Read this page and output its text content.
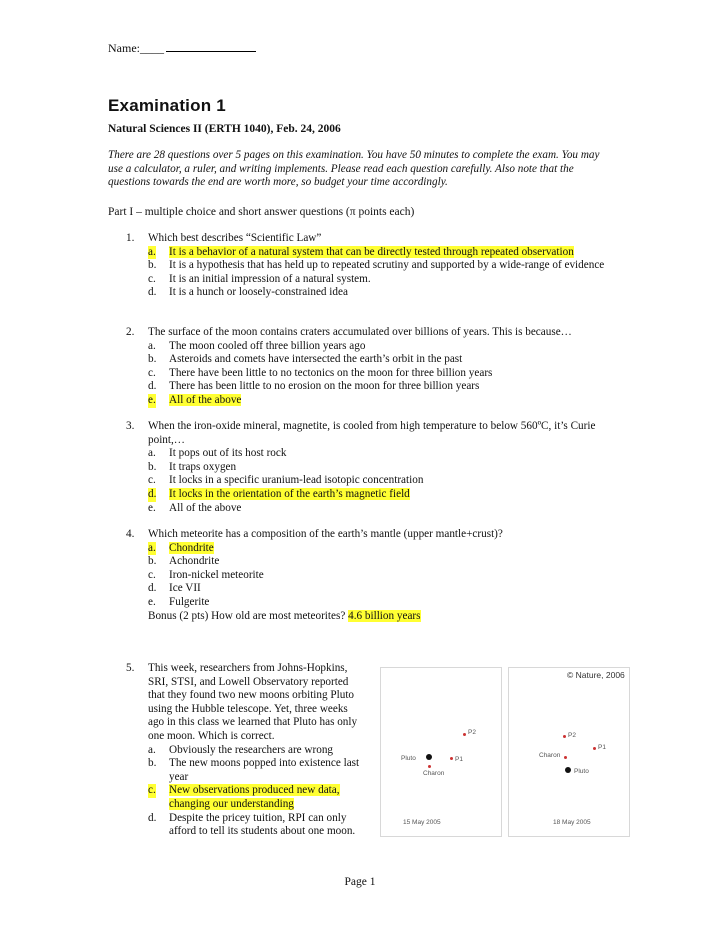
Name:____
Examination 1
Natural Sciences II (ERTH 1040), Feb. 24, 2006
There are 28 questions over 5 pages on this examination. You have 50 minutes to complete the exam. You may use a calculator, a ruler, and writing implements. Please read each question carefully. Also note that the questions towards the end are worth more, so budget your time accordingly.
Part I – multiple choice and short answer questions (π points each)
1. Which best describes “Scientific Law”
a. It is a behavior of a natural system that can be directly tested through repeated observation
b. It is a hypothesis that has held up to repeated scrutiny and supported by a wide-range of evidence
c. It is an initial impression of a natural system.
d. It is a hunch or loosely-constrained idea
2. The surface of the moon contains craters accumulated over billions of years. This is because…
a. The moon cooled off three billion years ago
b. Asteroids and comets have intersected the earth’s orbit in the past
c. There have been little to no tectonics on the moon for three billion years
d. There has been little to no erosion on the moon for three billion years
e. All of the above
3. When the iron-oxide mineral, magnetite, is cooled from high temperature to below 560ºC, it’s Curie point,…
a. It pops out of its host rock
b. It traps oxygen
c. It locks in a specific uranium-lead isotopic concentration
d. It locks in the orientation of the earth’s magnetic field
e. All of the above
4. Which meteorite has a composition of the earth’s mantle (upper mantle+crust)?
a. Chondrite
b. Achondrite
c. Iron-nickel meteorite
d. Ice VII
e. Fulgerite
Bonus (2 pts) How old are most meteorites? 4.6 billion years
5. This week, researchers from Johns-Hopkins, SRI, STSI, and Lowell Observatory reported that they found two new moons orbiting Pluto using the Hubble telescope. Yet, three weeks ago in this class we learned that Pluto has only one moon. Which is correct.
a. Obviously the researchers are wrong
b. The new moons popped into existence last year
c. New observations produced new data, changing our understanding
d. Despite the pricey tuition, RPI can only afford to tell its students about one moon.
P2
Pluto
Charon
P1
15 May 2005
© Nature, 2006
P2
P1
Charon
Pluto
18 May 2005
Page 1
